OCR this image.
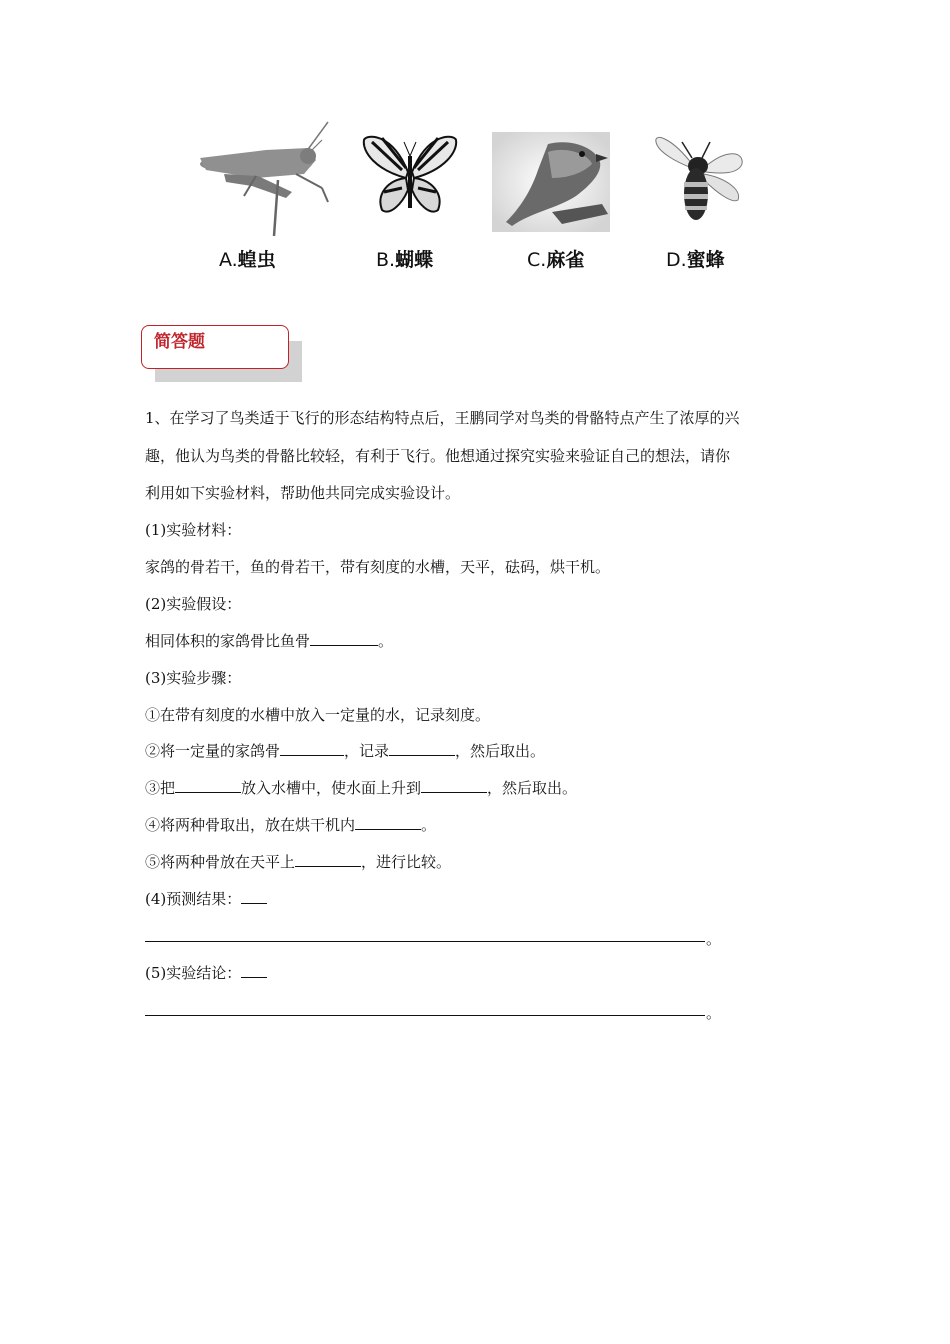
A.蝗虫	B.蝴蝶	C.麻雀	D.蜜蜂
简答题
1、在学习了鸟类适于飞行的形态结构特点后，王鹏同学对鸟类的骨骼特点产生了浓厚的兴
趣，他认为鸟类的骨骼比较轻，有利于飞行。他想通过探究实验来验证自己的想法，请你
利用如下实验材料，帮助他共同完成实验设计。
(1)实验材料：
家鸽的骨若干，鱼的骨若干，带有刻度的水槽，天平，砝码，烘干机。
(2)实验假设：
相同体积的家鸽骨比鱼骨	。
(3)实验步骤：
①在带有刻度的水槽中放入一定量的水，记录刻度。
②将一定量的家鸽骨	，记录	，然后取出。
③把	放入水槽中，使水面上升到	，然后取出。
④将两种骨取出，放在烘干机内	。
⑤将两种骨放在天平上	，进行比较。
(4)预测结果：
。
(5)实验结论：
。
